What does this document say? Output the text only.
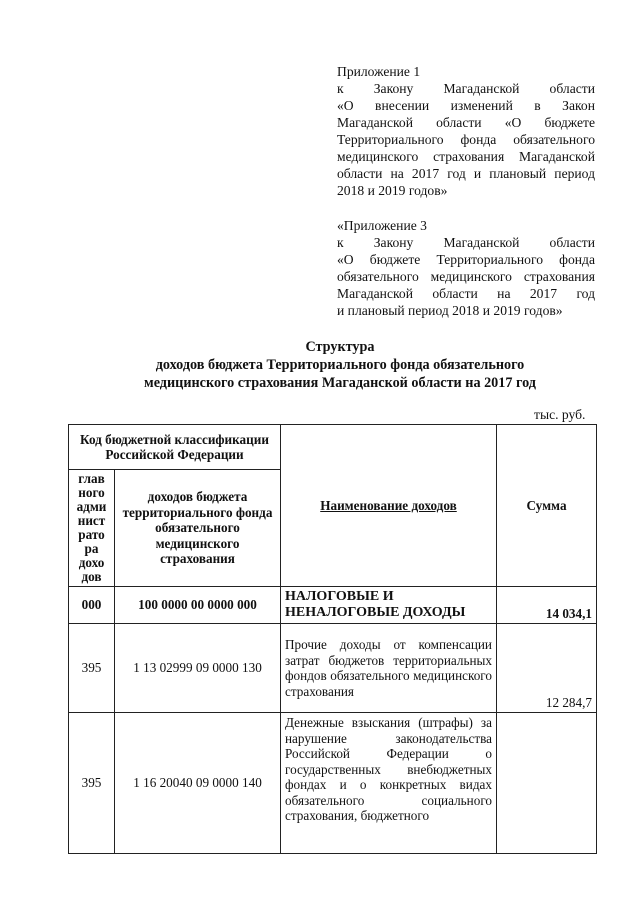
Приложение 1
к Закону Магаданской области
«О внесении изменений в Закон
Магаданской области «О бюджете
Территориального фонда обязательного
медицинского страхования Магаданской
области на 2017 год и плановый период
2018 и 2019 годов»
«Приложение 3
к Закону Магаданской области
«О бюджете Территориального фонда
обязательного медицинского страхования
Магаданской области на 2017 год
и плановый период 2018 и 2019 годов»
Структура
доходов бюджета Территориального фонда обязательного
медицинского страхования Магаданской области на 2017 год
тыс. руб.
Код бюджетной классификации Российской Федерации		Наименование доходов	Сумма
глав ного адми нист рато ра дохо дов	доходов бюджета территориального фонда обязательного медицинского страхования		
000	100 0000 00 0000 000	НАЛОГОВЫЕ И НЕНАЛОГОВЫЕ ДОХОДЫ	14 034,1
395	1 13 02999 09 0000 130	Прочие доходы от компенсации затрат бюджетов территориальных фондов обязательного медицинского страхования	12 284,7
395	1 16 20040 09 0000 140	Денежные взыскания (штрафы) за нарушение законодательства Российской Федерации о государственных внебюджетных фондах и о конкретных видах обязательного социального страхования, бюджетного	
